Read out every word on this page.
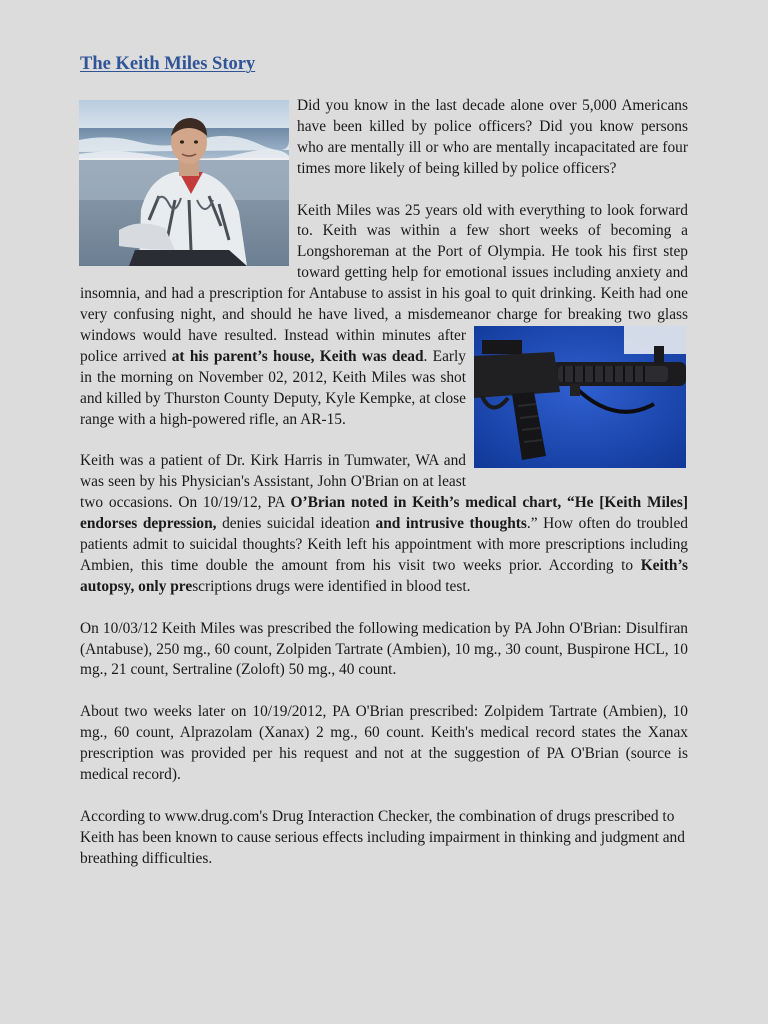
The Keith Miles Story

Did you know in the last decade alone over 5,000 Americans have been killed by police officers? Did you know persons who are mentally ill or who are mentally incapacitated are four times more likely of being killed by police officers?

Keith Miles was 25 years old with everything to look forward to. Keith was within a few short weeks of becoming a Longshoreman at the Port of Olympia. He took his first step toward getting help for emotional issues including anxiety and insomnia, and had a prescription for Antabuse to assist in his goal to quit drinking. Keith had one very confusing night, and should he have lived, a misdemeanor charge for breaking two glass windows would have resulted. Instead within minutes after police arrived at his parent’s house, Keith was dead. Early in the morning on November 02, 2012, Keith Miles was shot and killed by Thurston County Deputy, Kyle Kempke, at close range with a high-powered rifle, an AR-15.

Keith was a patient of Dr. Kirk Harris in Tumwater, WA and was seen by his Physician's Assistant, John O'Brian on at least two occasions. On 10/19/12, PA O’Brian noted in Keith’s medical chart, “He [Keith Miles] endorses depression, denies suicidal ideation and intrusive thoughts.” How often do troubled patients admit to suicidal thoughts? Keith left his appointment with more prescriptions including Ambien, this time double the amount from his visit two weeks prior. According to Keith’s autopsy, only prescriptions drugs were identified in blood test.

On 10/03/12 Keith Miles was prescribed the following medication by PA John O'Brian: Disulfiran (Antabuse), 250 mg., 60 count, Zolpiden Tartrate (Ambien), 10 mg., 30 count, Buspirone HCL, 10 mg., 21 count, Sertraline (Zoloft) 50 mg., 40 count.

About two weeks later on 10/19/2012, PA O'Brian prescribed: Zolpidem Tartrate (Ambien), 10 mg., 60 count, Alprazolam (Xanax) 2 mg., 60 count. Keith's medical record states the Xanax prescription was provided per his request and not at the suggestion of PA O'Brian (source is medical record).

According to www.drug.com's Drug Interaction Checker, the combination of drugs prescribed to Keith has been known to cause serious effects including impairment in thinking and judgment and breathing difficulties.
